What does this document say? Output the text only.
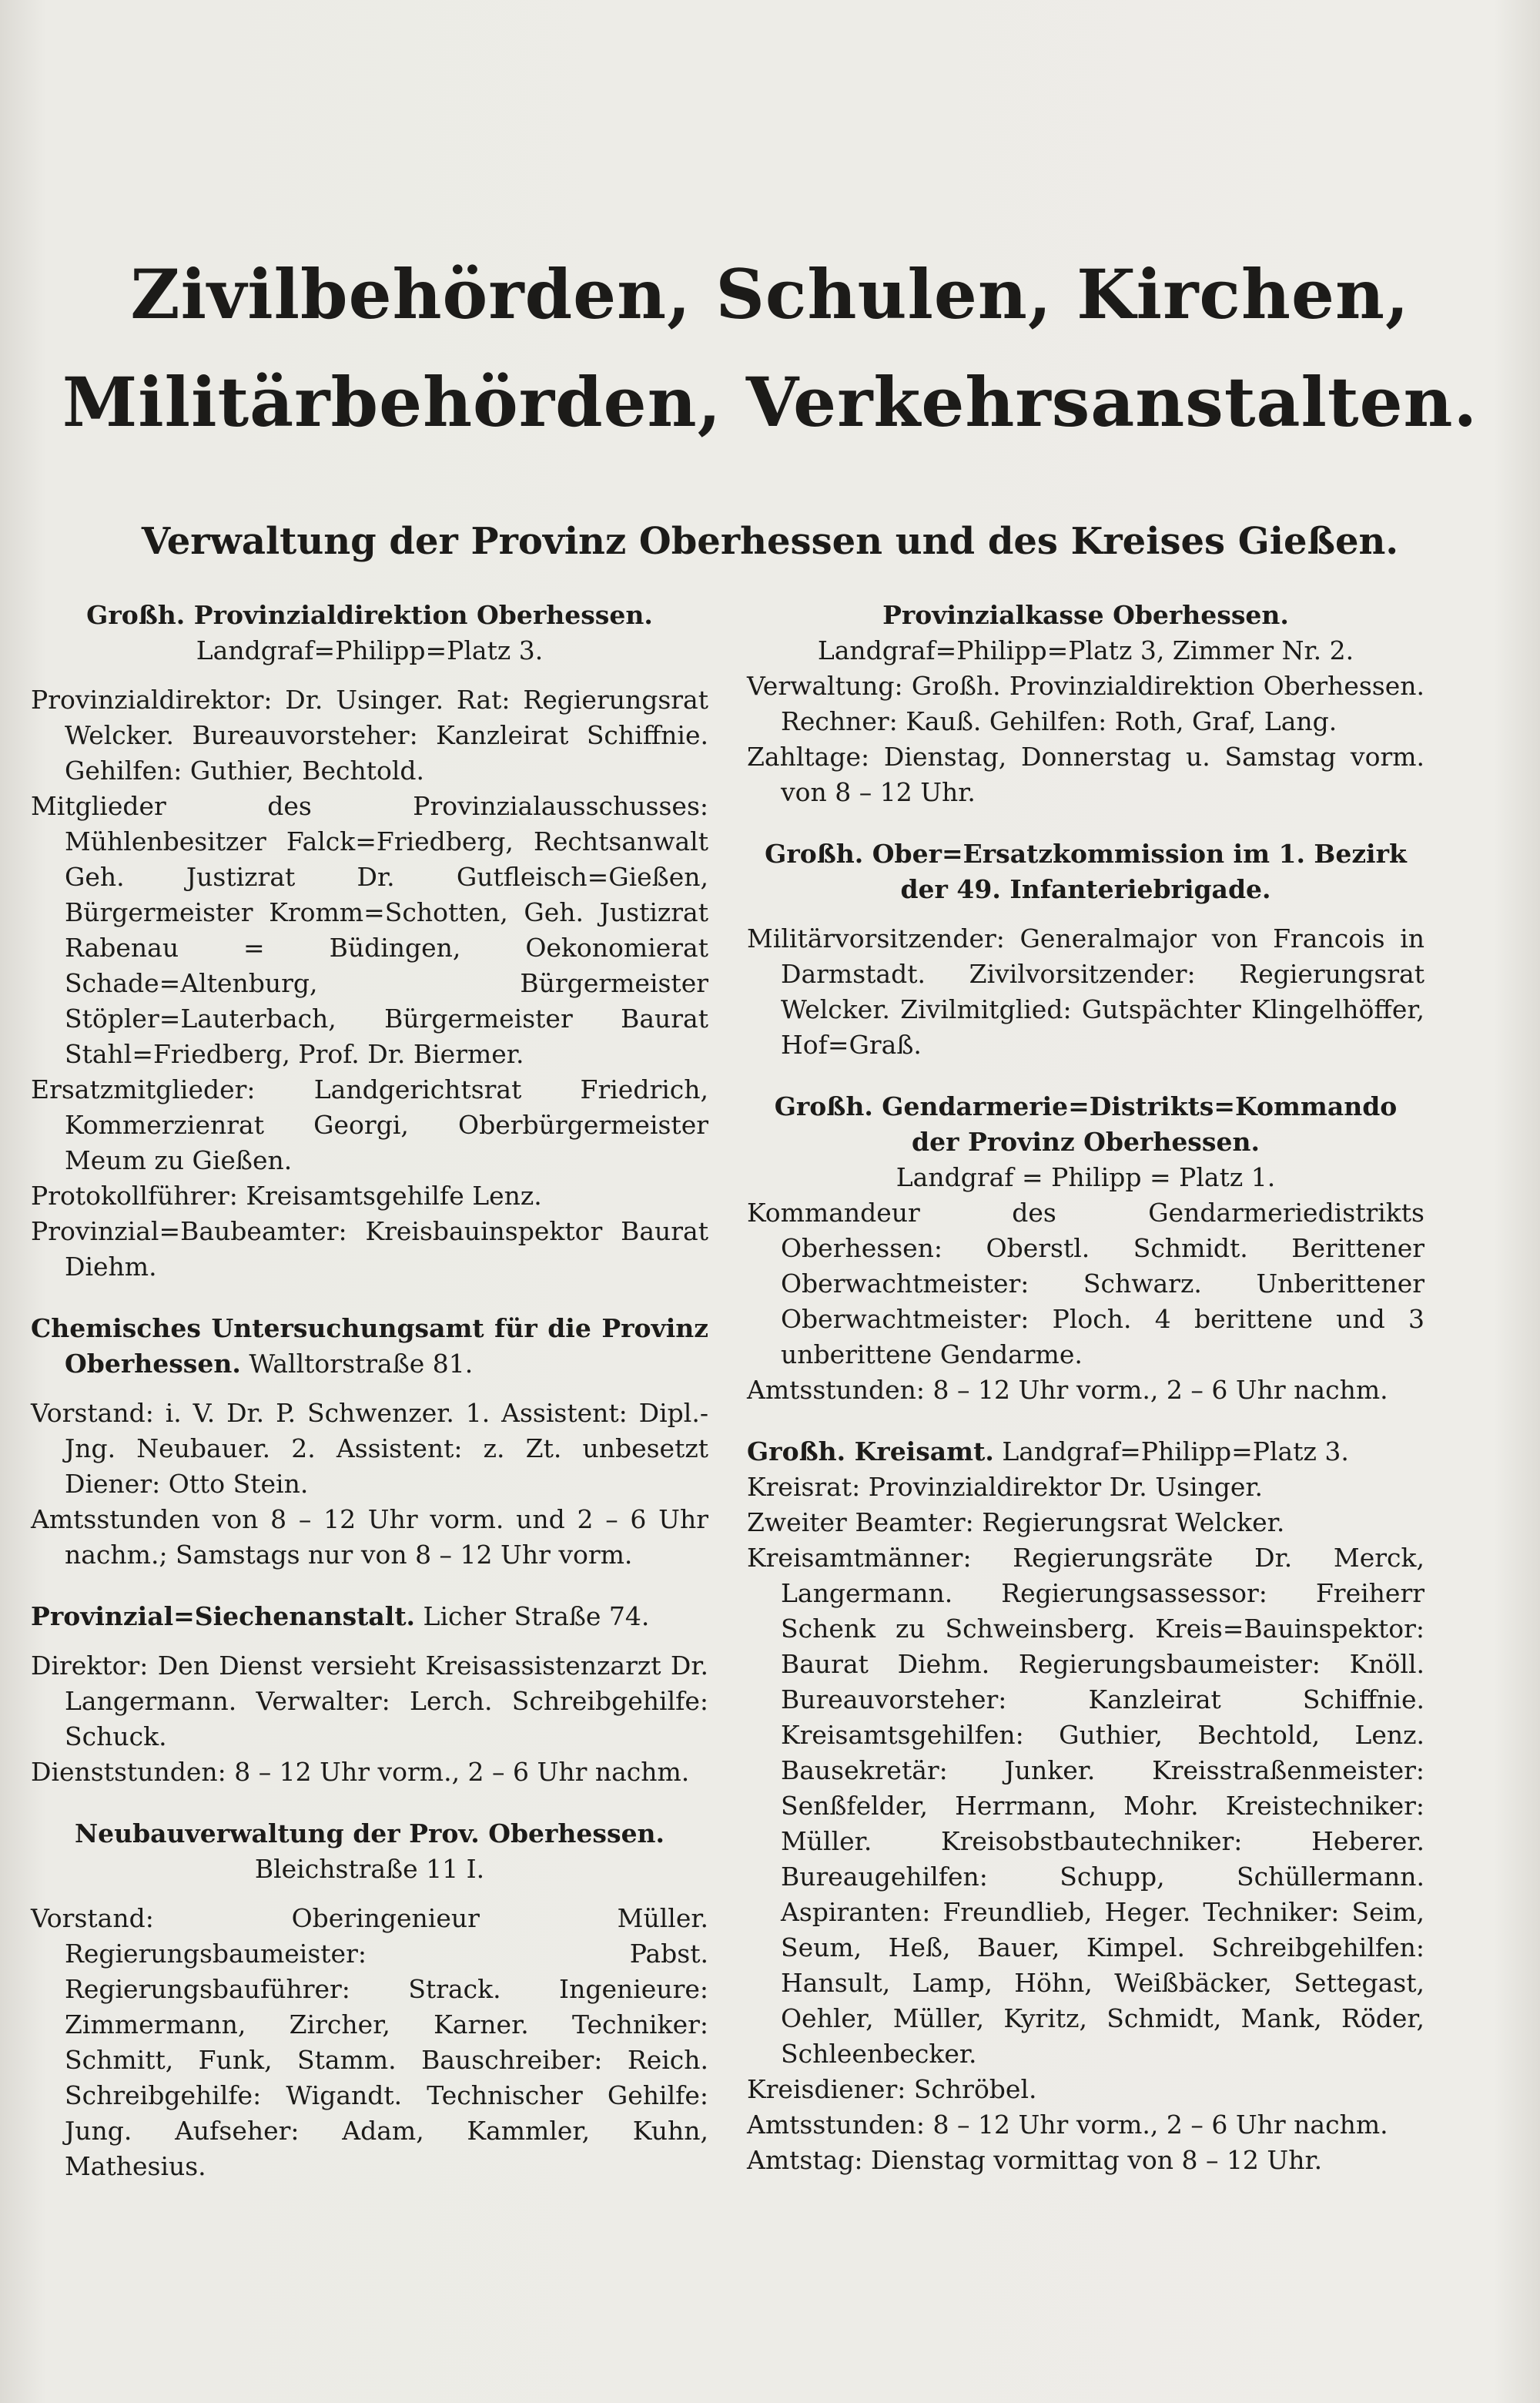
Zivilbehörden, Schulen, Kirchen,
Militärbehörden, Verkehrsanstalten.
Verwaltung der Provinz Oberhessen und des Kreises Gießen.
Großh. Provinzialdirektion Oberhessen.
Landgraf=Philipp=Platz 3.
Provinzialdirektor: Dr. Usinger. Rat: Regierungsrat Welcker. Bureauvorsteher: Kanzleirat Schiffnie. Gehilfen: Guthier, Bechtold.
Mitglieder des Provinzialausschusses: Mühlenbesitzer Falck=Friedberg, Rechtsanwalt Geh. Justizrat Dr. Gutfleisch=Gießen, Bürgermeister Kromm=Schotten, Geh. Justizrat Rabenau = Büdingen, Oekonomierat Schade=Altenburg, Bürgermeister Stöpler=Lauterbach, Bürgermeister Baurat Stahl=Friedberg, Prof. Dr. Biermer.
Ersatzmitglieder: Landgerichtsrat Friedrich, Kommerzienrat Georgi, Oberbürgermeister Meum zu Gießen.
Protokollführer: Kreisamtsgehilfe Lenz.
Provinzial=Baubeamter: Kreisbauinspektor Baurat Diehm.
Chemisches Untersuchungsamt für die Provinz Oberhessen. Walltorstraße 81.
Vorstand: i. V. Dr. P. Schwenzer. 1. Assistent: Dipl.-Jng. Neubauer. 2. Assistent: z. Zt. unbesetzt Diener: Otto Stein.
Amtsstunden von 8 – 12 Uhr vorm. und 2 – 6 Uhr nachm.; Samstags nur von 8 – 12 Uhr vorm.
Provinzial=Siechenanstalt. Licher Straße 74.
Direktor: Den Dienst versieht Kreisassistenzarzt Dr. Langermann. Verwalter: Lerch. Schreibgehilfe: Schuck.
Dienststunden: 8 – 12 Uhr vorm., 2 – 6 Uhr nachm.
Neubauverwaltung der Prov. Oberhessen.
Bleichstraße 11 I.
Vorstand: Oberingenieur Müller. Regierungsbaumeister: Pabst. Regierungsbauführer: Strack. Ingenieure: Zimmermann, Zircher, Karner. Techniker: Schmitt, Funk, Stamm. Bauschreiber: Reich. Schreibgehilfe: Wigandt. Technischer Gehilfe: Jung. Aufseher: Adam, Kammler, Kuhn, Mathesius.
Provinzialkasse Oberhessen.
Landgraf=Philipp=Platz 3, Zimmer Nr. 2.
Verwaltung: Großh. Provinzialdirektion Oberhessen. Rechner: Kauß. Gehilfen: Roth, Graf, Lang.
Zahltage: Dienstag, Donnerstag u. Samstag vorm. von 8 – 12 Uhr.
Großh. Ober=Ersatzkommission im 1. Bezirk der 49. Infanteriebrigade.
Militärvorsitzender: Generalmajor von Francois in Darmstadt. Zivilvorsitzender: Regierungsrat Welcker. Zivilmitglied: Gutspächter Klingelhöffer, Hof=Graß.
Großh. Gendarmerie=Distrikts=Kommando der Provinz Oberhessen.
Landgraf = Philipp = Platz 1.
Kommandeur des Gendarmeriedistrikts Oberhessen: Oberstl. Schmidt. Berittener Oberwachtmeister: Schwarz. Unberittener Oberwachtmeister: Ploch. 4 berittene und 3 unberittene Gendarme.
Amtsstunden: 8 – 12 Uhr vorm., 2 – 6 Uhr nachm.
Großh. Kreisamt. Landgraf=Philipp=Platz 3.
Kreisrat: Provinzialdirektor Dr. Usinger.
Zweiter Beamter: Regierungsrat Welcker.
Kreisamtmänner: Regierungsräte Dr. Merck, Langermann. Regierungsassessor: Freiherr Schenk zu Schweinsberg. Kreis=Bauinspektor: Baurat Diehm. Regierungsbaumeister: Knöll. Bureauvorsteher: Kanzleirat Schiffnie. Kreisamtsgehilfen: Guthier, Bechtold, Lenz. Bausekretär: Junker. Kreisstraßenmeister: Senßfelder, Herrmann, Mohr. Kreistechniker: Müller. Kreisobstbautechniker: Heberer. Bureaugehilfen: Schupp, Schüllermann. Aspiranten: Freundlieb, Heger. Techniker: Seim, Seum, Heß, Bauer, Kimpel. Schreibgehilfen: Hansult, Lamp, Höhn, Weißbäcker, Settegast, Oehler, Müller, Kyritz, Schmidt, Mank, Röder, Schleenbecker.
Kreisdiener: Schröbel.
Amtsstunden: 8 – 12 Uhr vorm., 2 – 6 Uhr nachm.
Amtstag: Dienstag vormittag von 8 – 12 Uhr.
